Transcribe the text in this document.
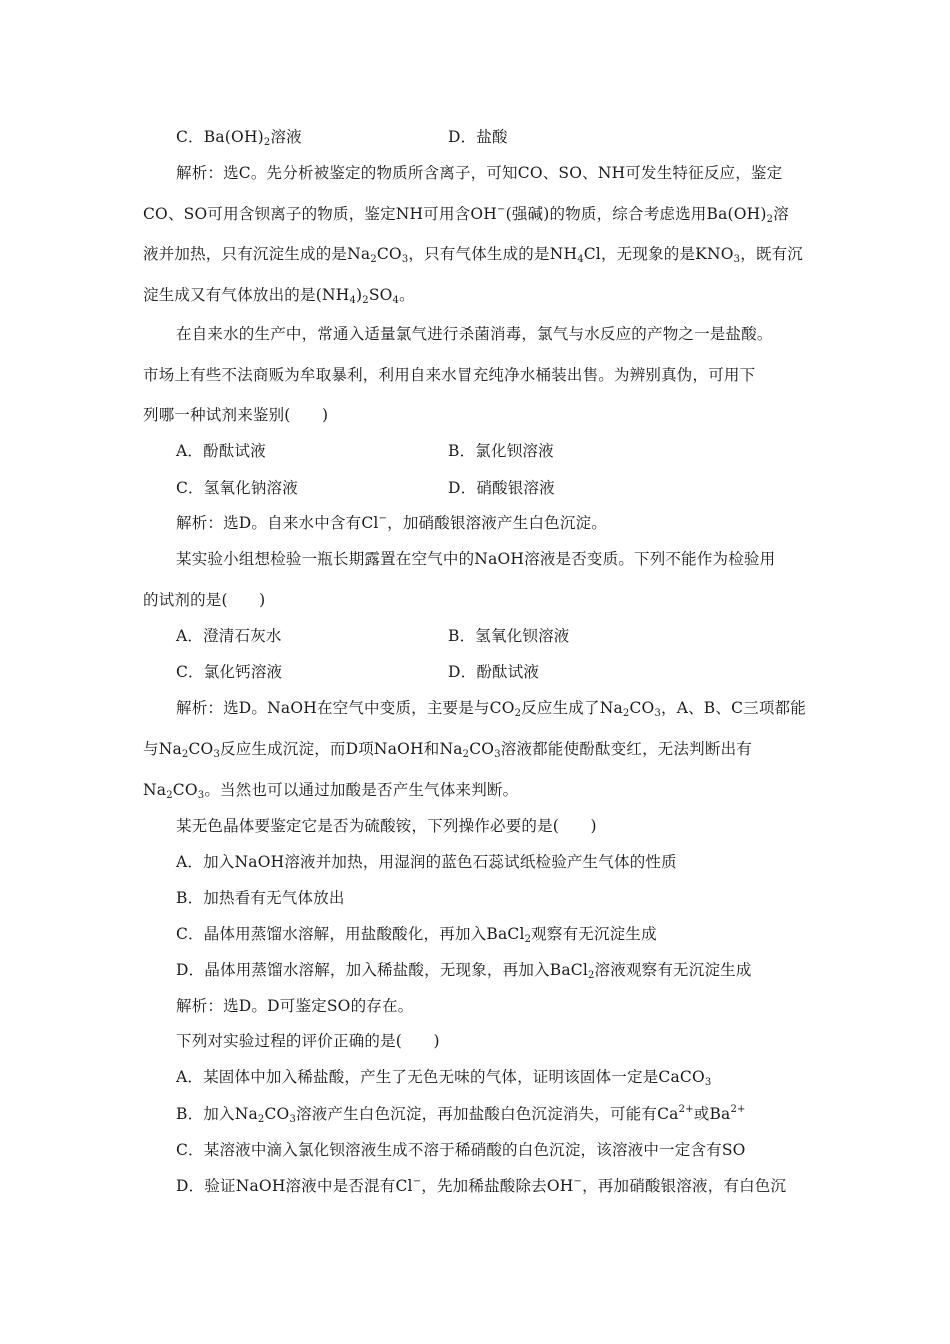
C．$Ba(OH)_2$溶液	D．盐酸
解析：选C。先分析被鉴定的物质所含离子，可知CO、SO、NH可发生特征反应，鉴定
CO、SO可用含钡离子的物质，鉴定NH可用含OH−(强碱)的物质，综合考虑选用$Ba(OH)_2$溶
液并加热，只有沉淀生成的是$Na_2CO_3$，只有气体生成的是$NH_4Cl$，无现象的是$KNO_3$，既有沉
淀生成又有气体放出的是$(NH_4)_2SO_4$。
在自来水的生产中，常通入适量氯气进行杀菌消毒，氯气与水反应的产物之一是盐酸。
市场上有些不法商贩为牟取暴利，利用自来水冒充纯净水桶装出售。为辨别真伪，可用下
列哪一种试剂来鉴别(　　)
A．酚酞试液	B．氯化钡溶液
C．氢氧化钠溶液	D．硝酸银溶液
解析：选D。自来水中含有Cl−，加硝酸银溶液产生白色沉淀。
某实验小组想检验一瓶长期露置在空气中的NaOH溶液是否变质。下列不能作为检验用
的试剂的是(　　)
A．澄清石灰水	B．氢氧化钡溶液
C．氯化钙溶液	D．酚酞试液
解析：选D。NaOH在空气中变质，主要是与$CO_2$反应生成了$Na_2CO_3$，A、B、C三项都能
与$Na_2CO_3$反应生成沉淀，而D项NaOH和$Na_2CO_3$溶液都能使酚酞变红，无法判断出有
$Na_2CO_3$。当然也可以通过加酸是否产生气体来判断。
某无色晶体要鉴定它是否为硫酸铵，下列操作必要的是(　　)
A．加入NaOH溶液并加热，用湿润的蓝色石蕊试纸检验产生气体的性质
B．加热看有无气体放出
C．晶体用蒸馏水溶解，用盐酸酸化，再加入BaCl$_2$观察有无沉淀生成
D．晶体用蒸馏水溶解，加入稀盐酸，无现象，再加入BaCl$_2$溶液观察有无沉淀生成
解析：选D。D可鉴定SO的存在。
下列对实验过程的评价正确的是(　　)
A．某固体中加入稀盐酸，产生了无色无味的气体，证明该固体一定是CaCO$_3$
B．加入$Na_2CO_3$溶液产生白色沉淀，再加盐酸白色沉淀消失，可能有$Ca^{2+}$或$Ba^{2+}$
C．某溶液中滴入氯化钡溶液生成不溶于稀硝酸的白色沉淀，该溶液中一定含有SO
D．验证NaOH溶液中是否混有Cl−，先加稀盐酸除去OH−，再加硝酸银溶液，有白色沉
